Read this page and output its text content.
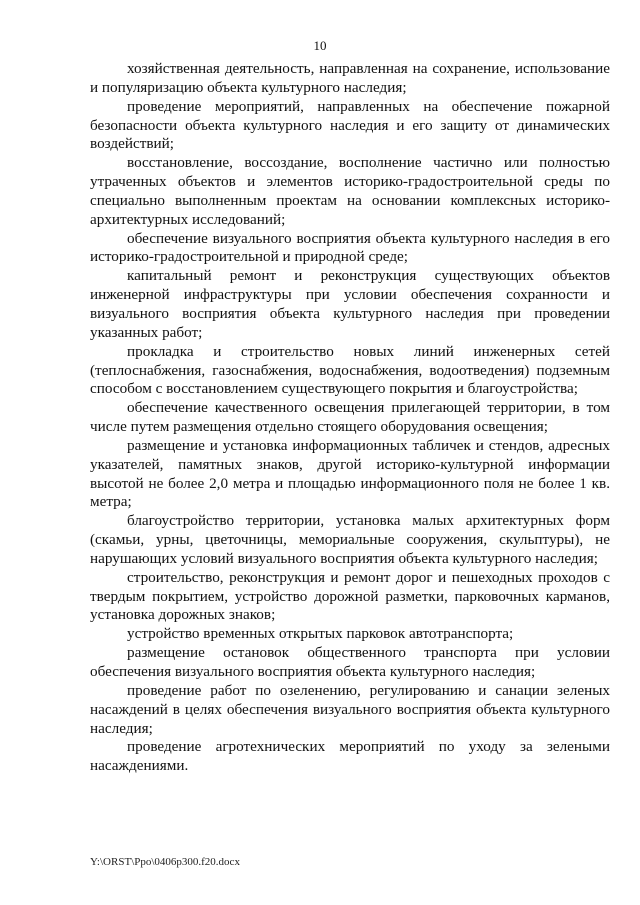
10

хозяйственная деятельность, направленная на сохранение, использование и популяризацию объекта культурного наследия;

проведение мероприятий, направленных на обеспечение пожарной безопасности объекта культурного наследия и его защиту от динамических воздействий;

восстановление, воссоздание, восполнение частично или полностью утраченных объектов и элементов историко-градостроительной среды по специально выполненным проектам на основании комплексных историко-архитектурных исследований;

обеспечение визуального восприятия объекта культурного наследия в его историко-градостроительной и природной среде;

капитальный ремонт и реконструкция существующих объектов инженерной инфраструктуры при условии обеспечения сохранности и визуального восприятия объекта культурного наследия при проведении указанных работ;

прокладка и строительство новых линий инженерных сетей (теплоснабжения, газоснабжения, водоснабжения, водоотведения) подземным способом с восстановлением существующего покрытия и благоустройства;

обеспечение качественного освещения прилегающей территории, в том числе путем размещения отдельно стоящего оборудования освещения;

размещение и установка информационных табличек и стендов, адресных указателей, памятных знаков, другой историко-культурной информации высотой не более 2,0 метра и площадью информационного поля не более 1 кв. метра;

благоустройство территории, установка малых архитектурных форм (скамьи, урны, цветочницы, мемориальные сооружения, скульптуры), не нарушающих условий визуального восприятия объекта культурного наследия;

строительство, реконструкция и ремонт дорог и пешеходных проходов с твердым покрытием, устройство дорожной разметки, парковочных карманов, установка дорожных знаков;

устройство временных открытых парковок автотранспорта;

размещение остановок общественного транспорта при условии обеспечения визуального восприятия объекта культурного наследия;

проведение работ по озеленению, регулированию и санации зеленых насаждений в целях обеспечения визуального восприятия объекта культурного наследия;

проведение агротехнических мероприятий по уходу за зелеными насаждениями.

Y:\ORST\Ppo\0406p300.f20.docx
